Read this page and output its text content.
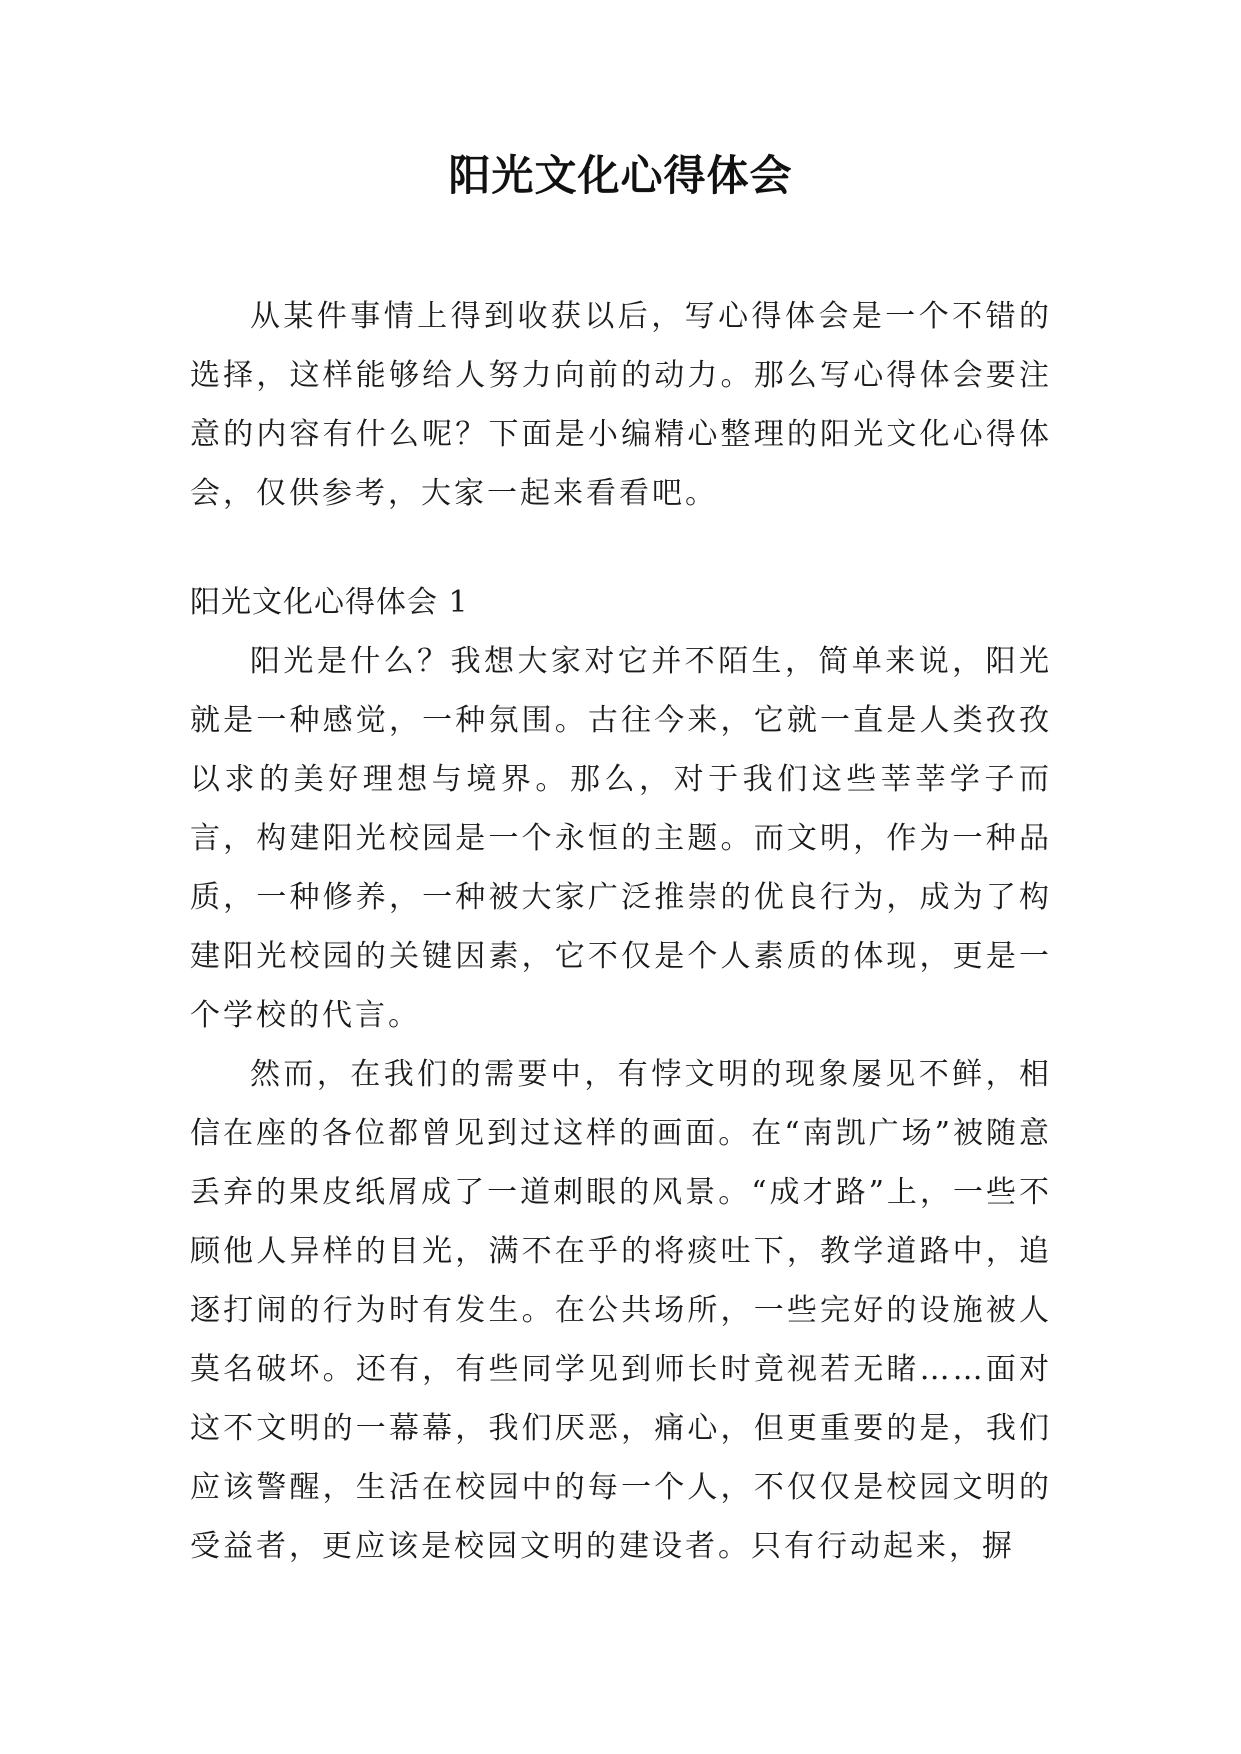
阳光文化心得体会

从某件事情上得到收获以后，写心得体会是一个不错的选择，这样能够给人努力向前的动力。那么写心得体会要注意的内容有什么呢？下面是小编精心整理的阳光文化心得体会，仅供参考，大家一起来看看吧。

阳光文化心得体会 1

阳光是什么？我想大家对它并不陌生，简单来说，阳光就是一种感觉，一种氛围。古往今来，它就一直是人类孜孜以求的美好理想与境界。那么，对于我们这些莘莘学子而言，构建阳光校园是一个永恒的主题。而文明，作为一种品质，一种修养，一种被大家广泛推崇的优良行为，成为了构建阳光校园的关键因素，它不仅是个人素质的体现，更是一个学校的代言。

然而，在我们的需要中，有悖文明的现象屡见不鲜，相信在座的各位都曾见到过这样的画面。在“南凯广场”被随意丢弃的果皮纸屑成了一道刺眼的风景。“成才路”上，一些不顾他人异样的目光，满不在乎的将痰吐下，教学道路中，追逐打闹的行为时有发生。在公共场所，一些完好的设施被人莫名破坏。还有，有些同学见到师长时竟视若无睹……面对这不文明的一幕幕，我们厌恶，痛心，但更重要的是，我们应该警醒，生活在校园中的每一个人，不仅仅是校园文明的受益者，更应该是校园文明的建设者。只有行动起来，摒
